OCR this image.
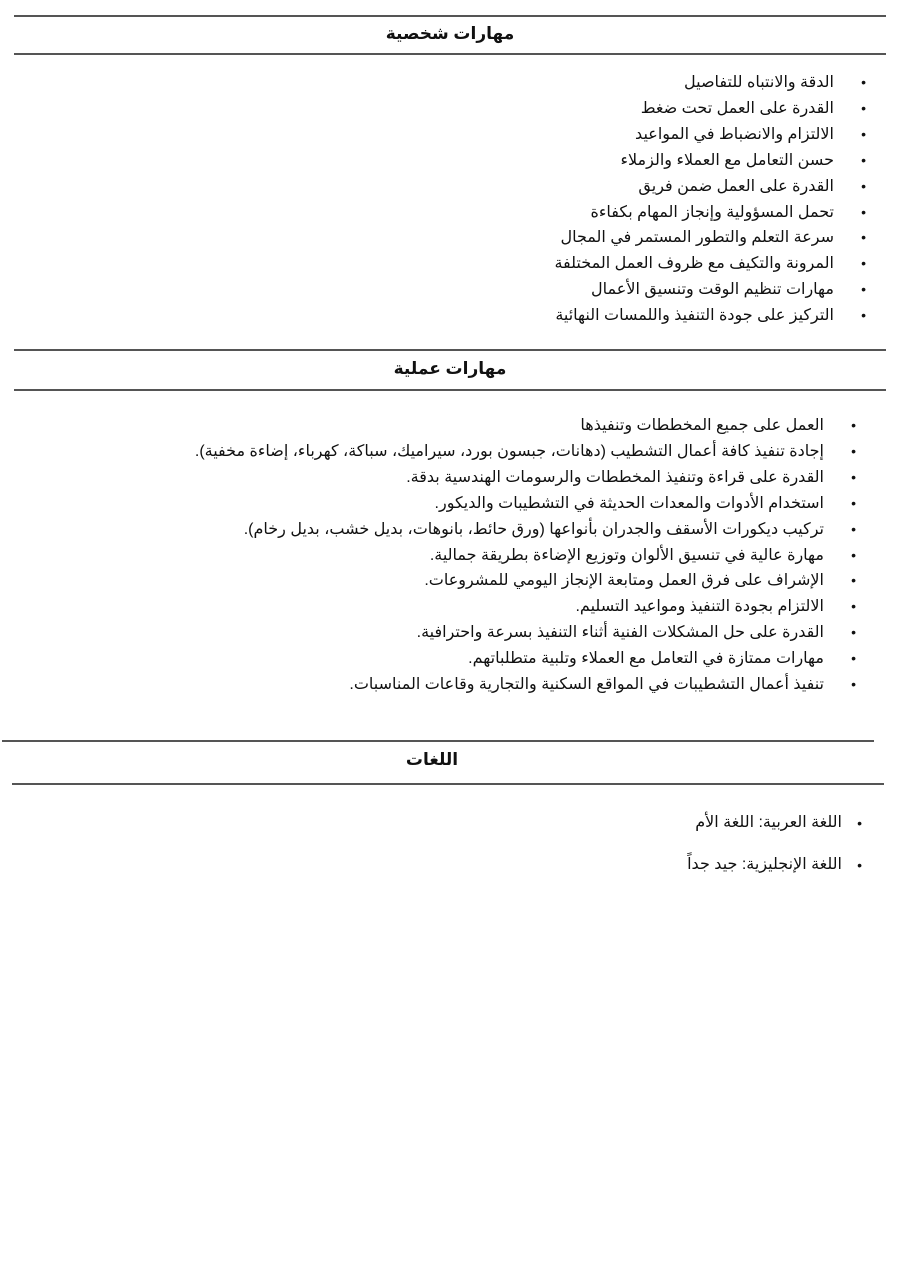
مهارات شخصية
•
الدقة والانتباه للتفاصيل
•
القدرة على العمل تحت ضغط
•
الالتزام والانضباط في المواعيد
•
حسن التعامل مع العملاء والزملاء
•
القدرة على العمل ضمن فريق
•
تحمل المسؤولية وإنجاز المهام بكفاءة
•
سرعة التعلم والتطور المستمر في المجال
•
المرونة والتكيف مع ظروف العمل المختلفة
•
مهارات تنظيم الوقت وتنسيق الأعمال
•
التركيز على جودة التنفيذ واللمسات النهائية
مهارات عملية
•
العمل على جميع المخططات وتنفيذها
•
إجادة تنفيذ كافة أعمال التشطيب (دهانات، جبسون بورد، سيراميك، سباكة، كهرباء، إضاءة مخفية).
•
القدرة على قراءة وتنفيذ المخططات والرسومات الهندسية بدقة.
•
استخدام الأدوات والمعدات الحديثة في التشطيبات والديكور.
•
تركيب ديكورات الأسقف والجدران بأنواعها (ورق حائط، بانوهات، بديل خشب، بديل رخام).
•
مهارة عالية في تنسيق الألوان وتوزيع الإضاءة بطريقة جمالية.
•
الإشراف على فرق العمل ومتابعة الإنجاز اليومي للمشروعات.
•
الالتزام بجودة التنفيذ ومواعيد التسليم.
•
القدرة على حل المشكلات الفنية أثناء التنفيذ بسرعة واحترافية.
•
مهارات ممتازة في التعامل مع العملاء وتلبية متطلباتهم.
•
تنفيذ أعمال التشطيبات في المواقع السكنية والتجارية وقاعات المناسبات.
اللغات
•
اللغة العربية: اللغة الأم
•
اللغة الإنجليزية: جيد جداً
